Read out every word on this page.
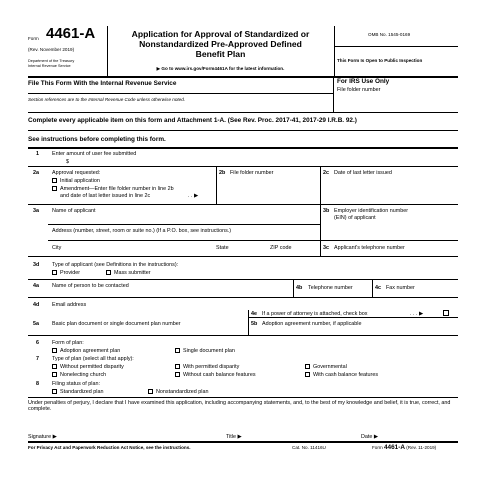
Form 4461-A
(Rev. November 2019)
Department of the Treasury
Internal Revenue Service
Application for Approval of Standardized or
Nonstandardized Pre-Approved Defined
Benefit Plan
▶ Go to www.irs.gov/Form4461A for the latest information.
OMB No. 1545-0169
This Form Is Open to Public Inspection
File This Form With the Internal Revenue Service
Section references are to the Internal Revenue Code unless otherwise noted.
For IRS Use Only
File folder number
Complete every applicable item on this form and Attachment 1-A. (See Rev. Proc. 2017-41, 2017-29 I.R.B. 92.)
See instructions before completing this form.
1 Enter amount of user fee submitted
$
2a Approval requested:
Initial application
Amendment—Enter file folder number in line 2b
and date of last letter issued in line 2c	. . ▶
2b File folder number	2c Date of last letter issued
3a Name of applicant	3b Employer identification number
(EIN) of applicant
Address (number, street, room or suite no.) (If a P.O. box, see instructions.)
City	State	ZIP code	3c Applicant's telephone number
3d Type of applicant (see Definitions in the instructions):
Provider	Mass submitter
4a Name of person to be contacted	4b Telephone number	4c Fax number
4d Email address
4e If a power of attorney is attached, check box	. . . ▶
5a Basic plan document or single document plan number	5b Adoption agreement number, if applicable
6 Form of plan:
Adoption agreement plan	Single document plan
7 Type of plan (select all that apply):
Without permitted disparity	With permitted disparity	Governmental
Nonelecting church	Without cash balance features	With cash balance features
8 Filing status of plan:
Standardized plan	Nonstandardized plan
Under penalties of perjury, I declare that I have examined this application, including accompanying statements, and, to the best of my knowledge and belief, it is true, correct, and complete.
Signature ▶	Title ▶	Date ▶
For Privacy Act and Paperwork Reduction Act Notice, see the instructions.	Cat. No. 11416U	Form 4461-A (Rev. 11-2019)
